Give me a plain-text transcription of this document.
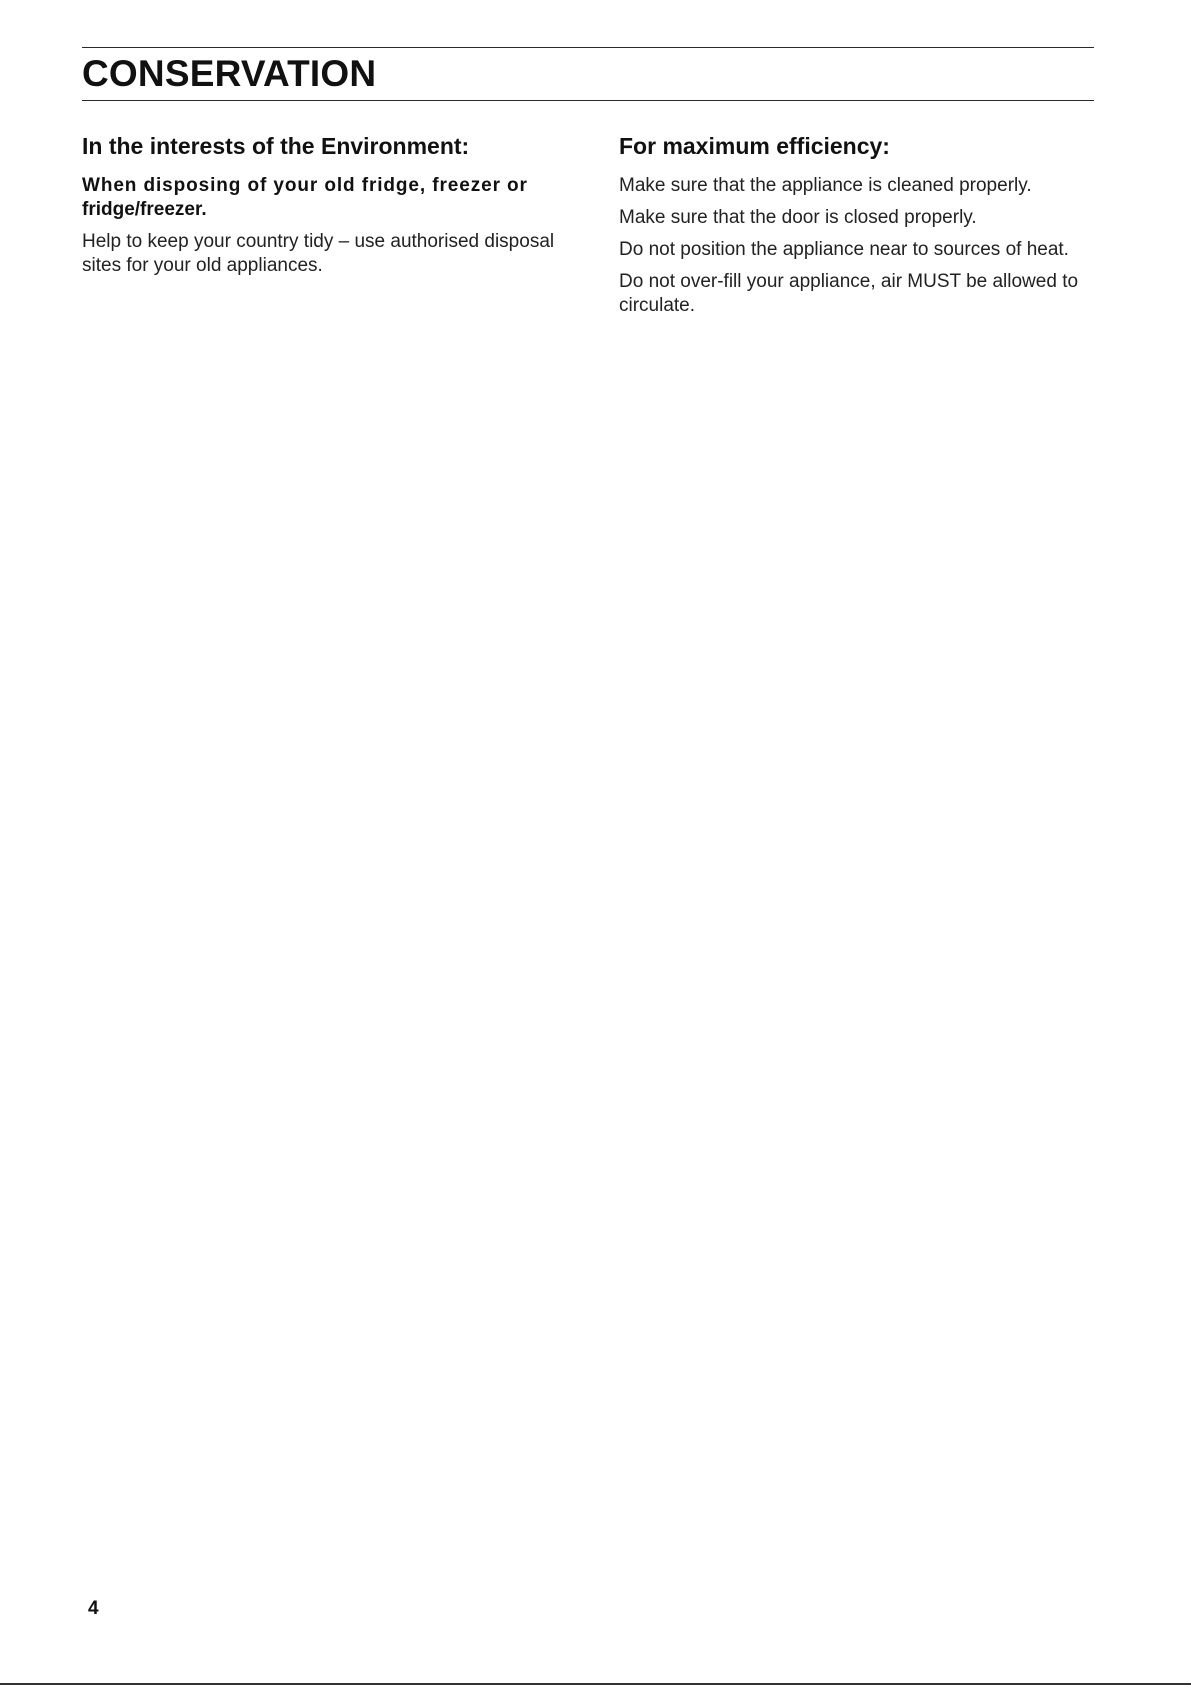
CONSERVATION
In the interests of the Environment:

When disposing of your old fridge, freezer or
fridge/freezer.

Help to keep your country tidy – use authorised disposal sites for your old appliances.

For maximum efficiency:

Make sure that the appliance is cleaned properly.

Make sure that the door is closed properly.

Do not position the appliance near to sources of heat.

Do not over-fill your appliance, air MUST be allowed to circulate.

4
